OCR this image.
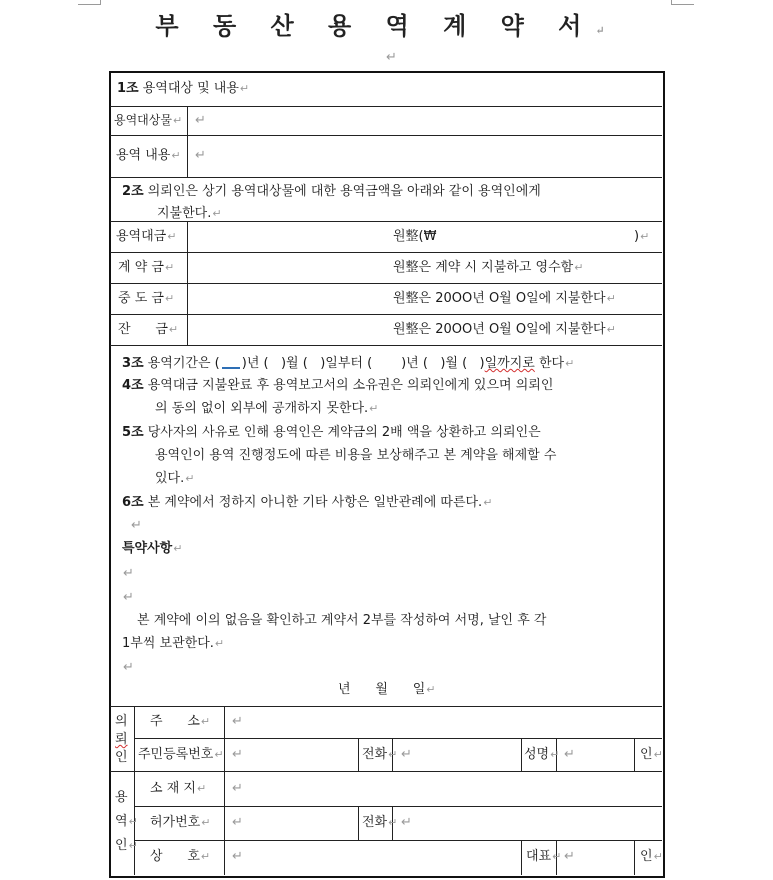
부 동 산 용 역 계 약 서↵
↵
1조 용역대상 및 내용↵
용역대상물↵ ↵
용역 내용↵ ↵
2조 의뢰인은 상기 용역대상물에 대한 용역금액을 아래와 같이 용역인에게
지불한다.↵
용역대금↵	원整(₩	)↵
계 약 금↵	원整은 계약 시 지불하고 영수함↵
중 도 금↵	원整은 20OO년 O월 O일에 지불한다↵
잔      금↵	원整은 20OO년 O월 O일에 지불한다↵
3조 용역기간은 ( )년 (   )월 (   )일부터 (       )년 (   )월 (   )일까지로 한다↵
4조 용역대금 지불완료 후 용역보고서의 소유권은 의뢰인에게 있으며 의뢰인
의 동의 없이 외부에 공개하지 못한다.↵
5조 당사자의 사유로 인해 용역인은 계약금의 2배 액을 상환하고 의뢰인은
용역인이 용역 진행정도에 따른 비용을 보상해주고 본 계약을 해제할 수
있다.↵
6조 본 계약에서 정하지 아니한 기타 사항은 일반관례에 따른다.↵
↵
특약사항↵
↵
↵
본 계약에 이의 없음을 확인하고 계약서 2부를 작성하여 서명, 날인 후 각
1부씩 보관한다.↵
↵
년      월      일↵
의
뢰
인
주      소↵ ↵
주민등록번호↵ ↵	전화↵ ↵	성명↵ ↵	인↵
용
역↵
인↵
소 재 지↵ ↵
허가번호↵ ↵	전화↵ ↵
상      호↵ ↵	대표↵ ↵	인↵
